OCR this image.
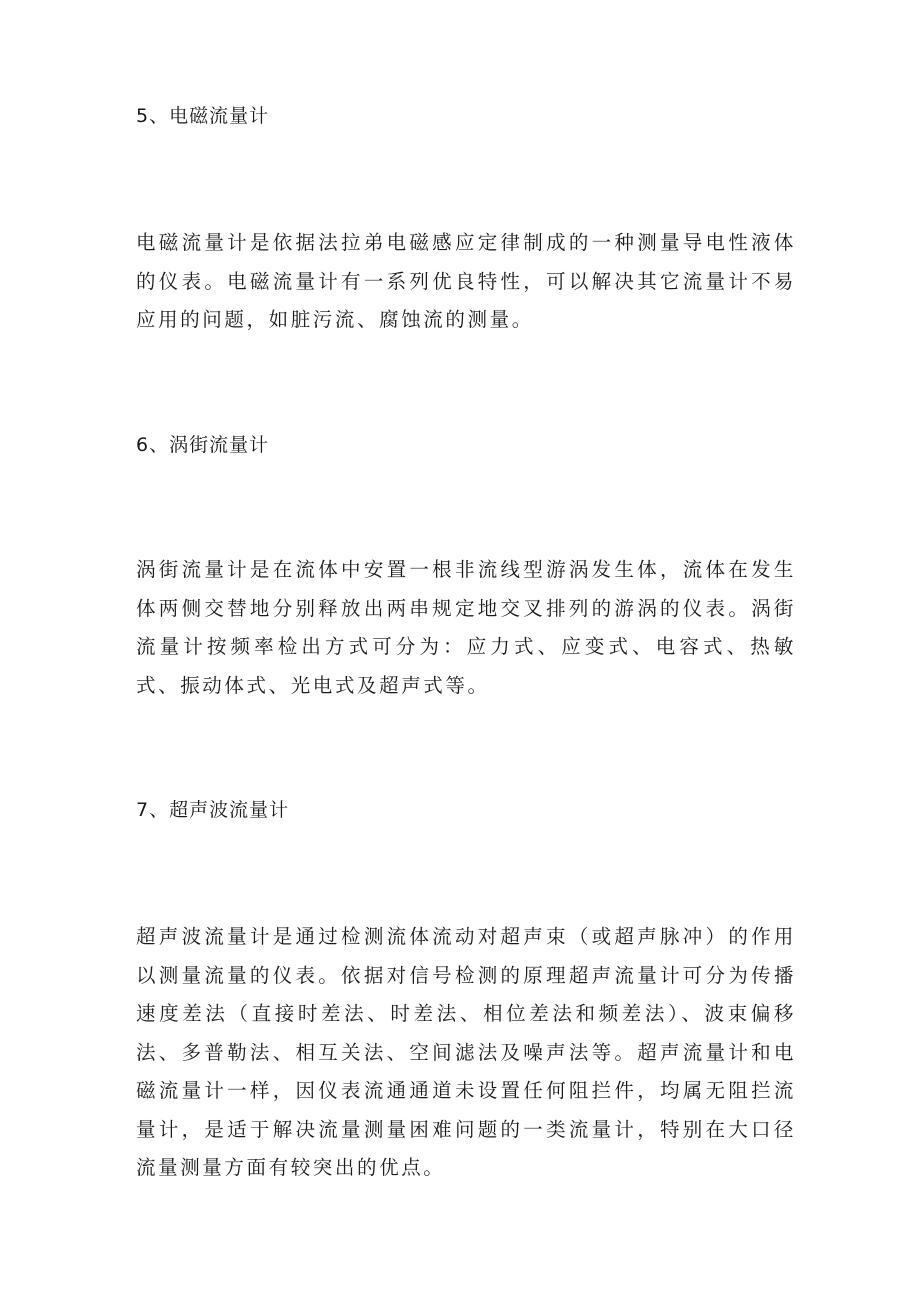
5、电磁流量计
电磁流量计是依据法拉弟电磁感应定律制成的一种测量导电性液体的仪表。电磁流量计有一系列优良特性，可以解决其它流量计不易应用的问题，如脏污流、腐蚀流的测量。
6、涡街流量计
涡街流量计是在流体中安置一根非流线型游涡发生体，流体在发生体两侧交替地分别释放出两串规定地交叉排列的游涡的仪表。涡街流量计按频率检出方式可分为：应力式、应变式、电容式、热敏式、振动体式、光电式及超声式等。
7、超声波流量计
超声波流量计是通过检测流体流动对超声束（或超声脉冲）的作用以测量流量的仪表。依据对信号检测的原理超声流量计可分为传播速度差法（直接时差法、时差法、相位差法和频差法）、波束偏移法、多普勒法、相互关法、空间滤法及噪声法等。超声流量计和电磁流量计一样，因仪表流通通道未设置任何阻拦件，均属无阻拦流量计，是适于解决流量测量困难问题的一类流量计，特别在大口径流量测量方面有较突出的优点。
